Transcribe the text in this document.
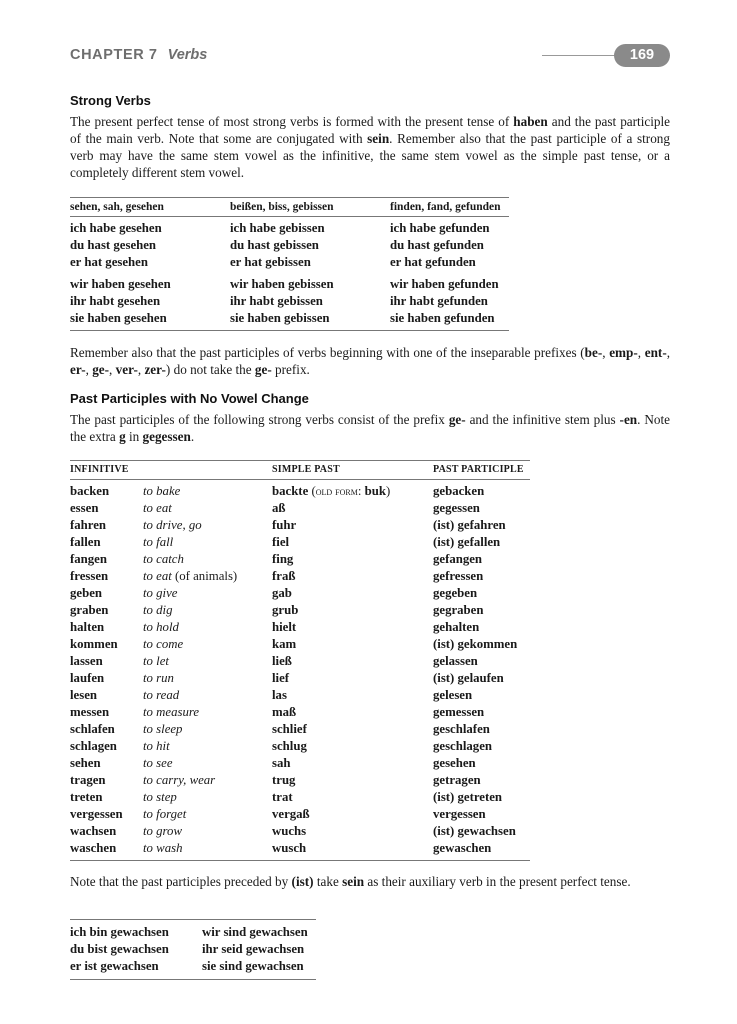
CHAPTER 7 Verbs	169
Strong Verbs

The present perfect tense of most strong verbs is formed with the present tense of haben and the past participle of the main verb. Note that some are conjugated with sein. Remember also that the past participle of a strong verb may have the same stem vowel as the infinitive, the same stem vowel as the simple past tense, or a completely different stem vowel.

sehen, sah, gesehen	beißen, biss, gebissen	finden, fand, gefunden
ich habe gesehen	ich habe gebissen	ich habe gefunden
du hast gesehen	du hast gebissen	du hast gefunden
er hat gesehen	er hat gebissen	er hat gefunden

wir haben gesehen	wir haben gebissen	wir haben gefunden
ihr habt gesehen	ihr habt gebissen	ihr habt gefunden
sie haben gesehen	sie haben gebissen	sie haben gefunden

Remember also that the past participles of verbs beginning with one of the inseparable prefixes (be-, emp-, ent-, er-, ge-, ver-, zer-) do not take the ge- prefix.

Past Participles with No Vowel Change

The past participles of the following strong verbs consist of the prefix ge- and the infinitive stem plus -en. Note the extra g in gegessen.

INFINITIVE		SIMPLE PAST	PAST PARTICIPLE
backen	to bake	backte (old form: buk)	gebacken
essen	to eat	aß	gegessen
fahren	to drive, go	fuhr	(ist) gefahren
fallen	to fall	fiel	(ist) gefallen
fangen	to catch	fing	gefangen
fressen	to eat (of animals)	fraß	gefressen
geben	to give	gab	gegeben
graben	to dig	grub	gegraben
halten	to hold	hielt	gehalten
kommen	to come	kam	(ist) gekommen
lassen	to let	ließ	gelassen
laufen	to run	lief	(ist) gelaufen
lesen	to read	las	gelesen
messen	to measure	maß	gemessen
schlafen	to sleep	schlief	geschlafen
schlagen	to hit	schlug	geschlagen
sehen	to see	sah	gesehen
tragen	to carry, wear	trug	getragen
treten	to step	trat	(ist) getreten
vergessen	to forget	vergaß	vergessen
wachsen	to grow	wuchs	(ist) gewachsen
waschen	to wash	wusch	gewaschen

Note that the past participles preceded by (ist) take sein as their auxiliary verb in the present perfect tense.

ich bin gewachsen	wir sind gewachsen
du bist gewachsen	ihr seid gewachsen
er ist gewachsen	sie sind gewachsen
